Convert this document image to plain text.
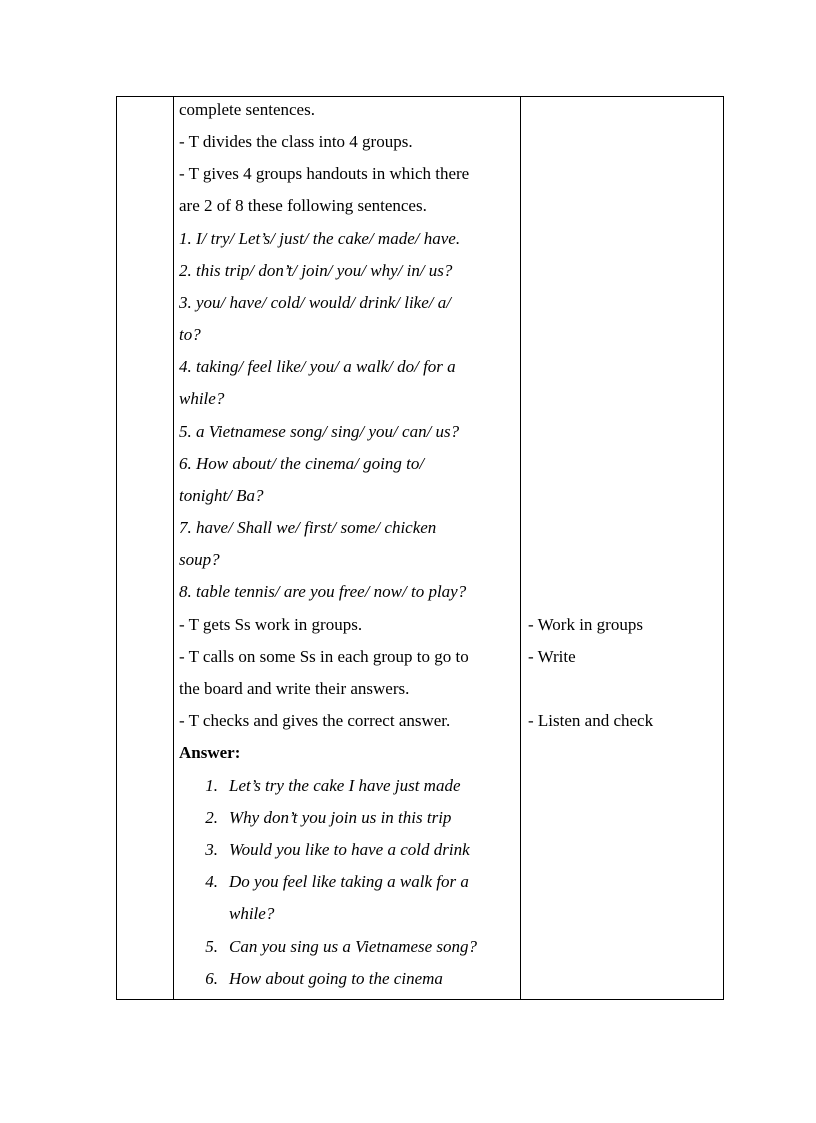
complete sentences.
- T divides the class into 4 groups.
- T gives 4 groups handouts in which there
are 2 of 8 these following sentences.
1. I/ try/ Let’s/ just/ the cake/ made/ have.
2. this trip/ don’t/ join/ you/ why/ in/ us?
3. you/ have/ cold/ would/ drink/ like/ a/
to?
4. taking/ feel like/ you/ a walk/ do/ for a
while?
5. a Vietnamese song/ sing/ you/ can/ us?
6. How about/ the cinema/ going to/
tonight/ Ba?
7. have/ Shall we/ first/ some/ chicken
soup?
8. table tennis/ are you free/ now/ to play?
- T gets Ss work in groups.
- T calls on some Ss in each group to go to
the board and write their answers.
- T checks and gives the correct answer.
Answer:
1. Let’s try the cake I have just made
2. Why don’t you join us in this trip
3. Would you like to have a cold drink
4. Do you feel like taking a walk for a
while?
5. Can you sing us a Vietnamese song?
6. How about going to the cinema
- Work in groups
- Write
- Listen and check
